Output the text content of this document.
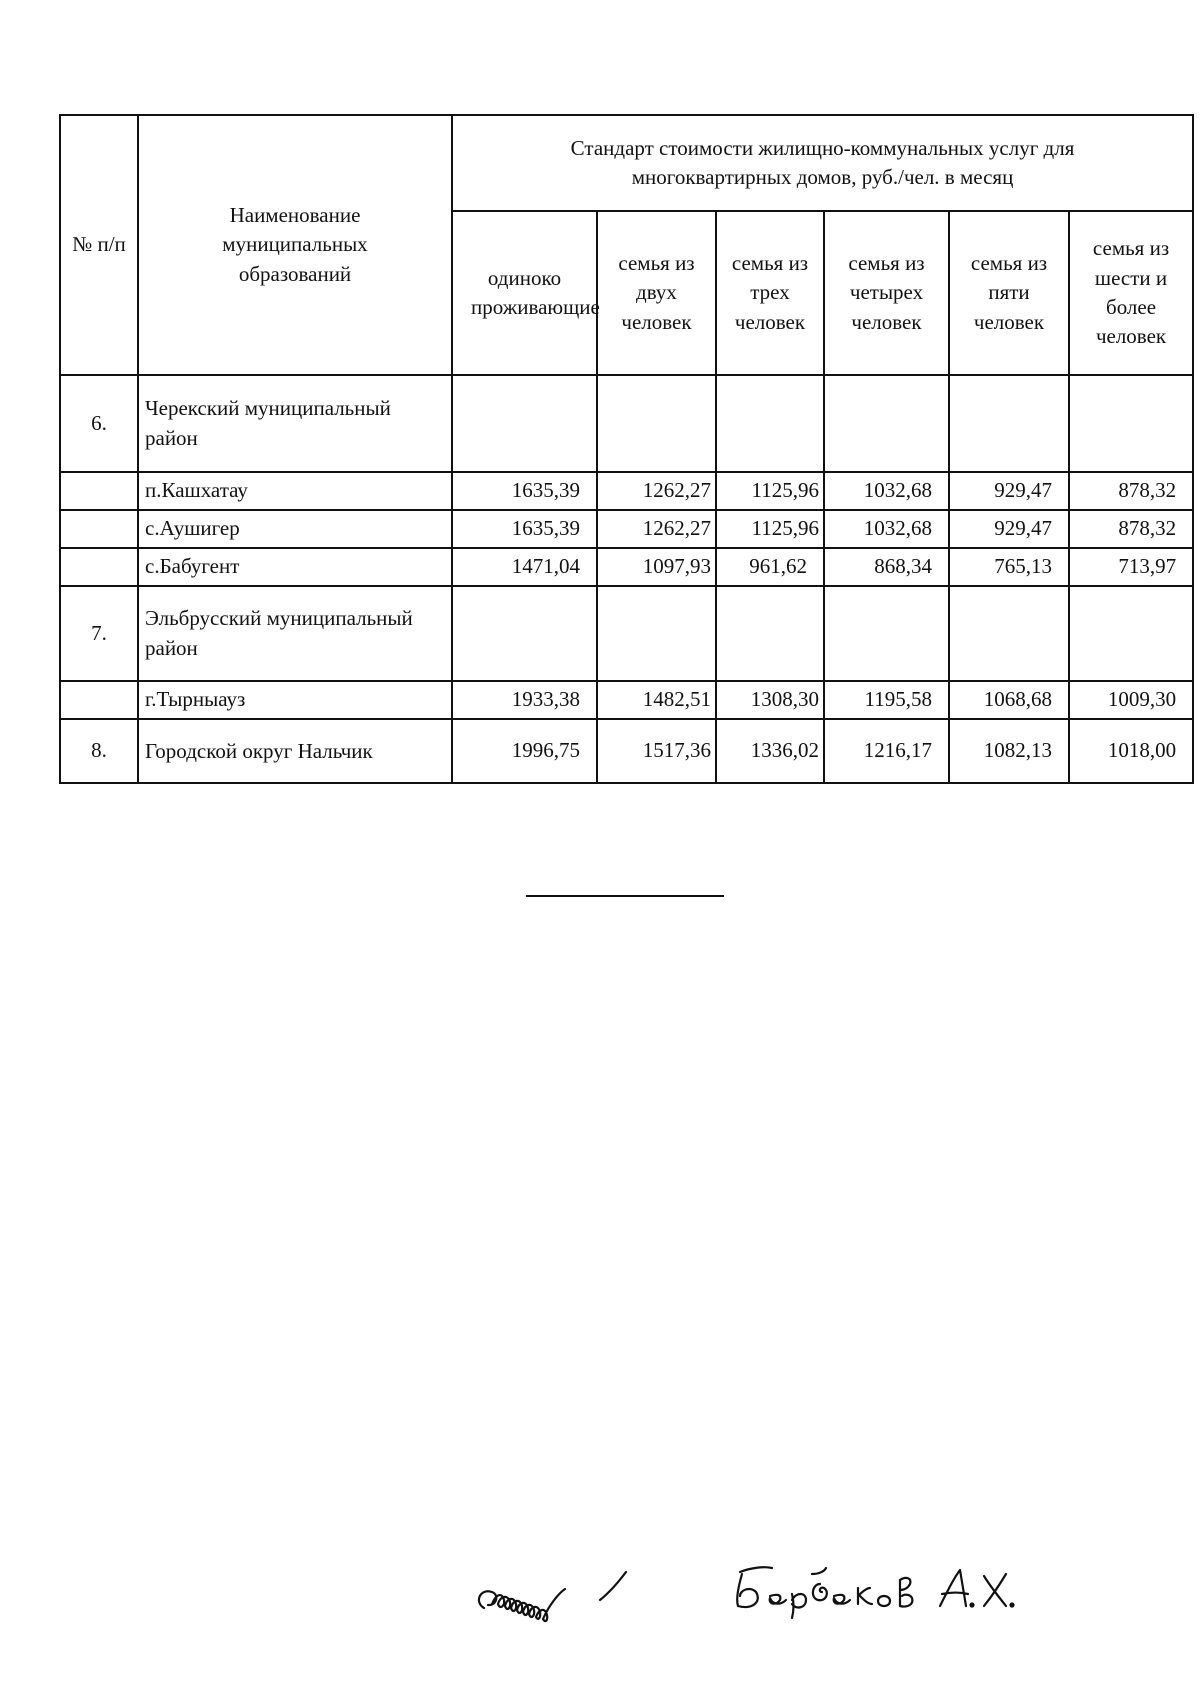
№ п/п	Наименование муниципальных образований	Стандарт стоимости жилищно-коммунальных услуг для многоквартирных домов, руб./чел. в месяц					
		одиноко проживающие	семья из двух человек	семья из трех человек	семья из четырех человек	семья из пяти человек	семья из шести и более человек
6.	Черекский муниципальный район						
	п.Кашхатау	1635,39	1262,27	1125,96	1032,68	929,47	878,32
	с.Аушигер	1635,39	1262,27	1125,96	1032,68	929,47	878,32
	с.Бабугент	1471,04	1097,93	961,62	868,34	765,13	713,97
7.	Эльбрусский муниципальный район						
	г.Тырныауз	1933,38	1482,51	1308,30	1195,58	1068,68	1009,30
8.	Городской округ Нальчик	1996,75	1517,36	1336,02	1216,17	1082,13	1018,00
